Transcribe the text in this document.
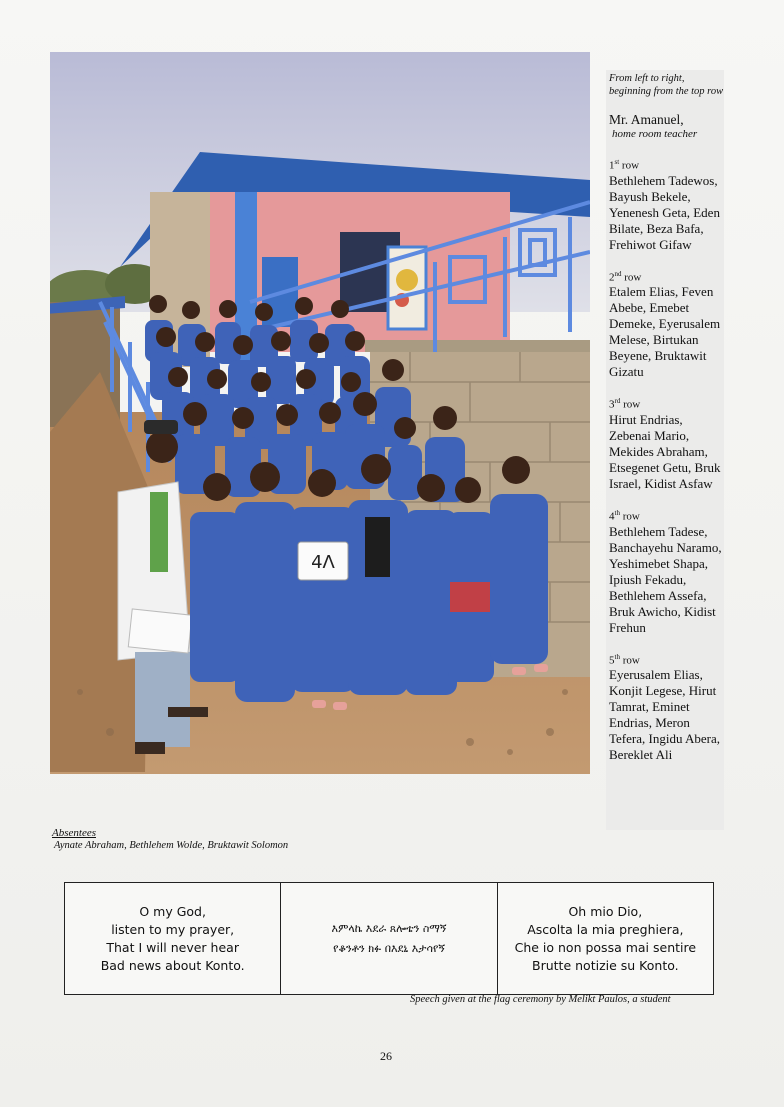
4Λ
From left to right, beginning from the top row
Mr. Amanuel,
home room teacher
1st row
Bethlehem Tadewos, Bayush Bekele, Yenenesh Geta, Eden Bilate, Beza Bafa, Frehiwot Gifaw
2nd row
Etalem Elias, Feven Abebe, Emebet Demeke, Eyerusalem Melese, Birtukan Beyene, Bruktawit Gizatu
3rd row
Hirut Endrias, Zebenai Mario, Mekides Abraham, Etsegenet Getu, Bruk Israel, Kidist Asfaw
4th row
Bethlehem Tadese, Banchayehu Naramo, Yeshimebet Shapa, Ipiush Fekadu, Bethlehem Assefa, Bruk Awicho, Kidist Frehun
5th row
Eyerusalem Elias, Konjit Legese, Hirut Tamrat, Eminet Endrias, Meron Tefera, Ingidu Abera, Bereklet Ali
Absentees
Aynate Abraham, Bethlehem Wolde, Bruktawit Solomon
O my God,
listen to my prayer,
That I will never hear
Bad news about Konto.
እምላኬ እደራ ጸሎቴን ስማኝ
የቆንቶን ክፉ በእደኒ እታሳየኝ
Oh mio Dio,
Ascolta la mia preghiera,
Che io non possa mai sentire
Brutte notizie su Konto.
Speech given at the flag ceremony by Melikt Paulos, a student
26
